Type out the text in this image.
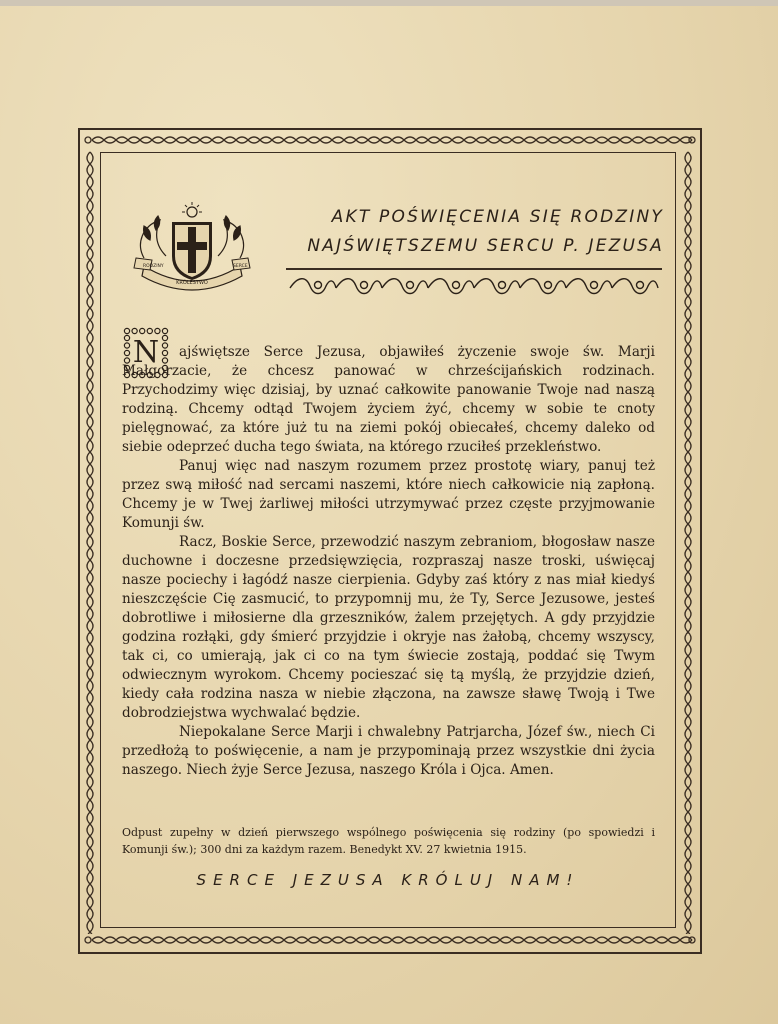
RODZINY	SERCE
KRÓLESTWO
AKT POŚWIĘCENIA SIĘ RODZINY
NAJŚWIĘTSZEMU SERCU P. JEZUSA
N	ajświętsze Serce Jezusa, objawiłeś życzenie swoje św. Marji Małgorzacie, że chcesz panować w chrześcijańskich rodzinach. Przychodzimy więc dzisiaj, by uznać całkowite panowanie Twoje nad naszą rodziną. Chcemy odtąd Twojem życiem żyć, chcemy w sobie te cnoty pielęgnować, za które już tu na ziemi pokój obiecałeś, chcemy daleko od siebie odeprzeć ducha tego świata, na którego rzuciłeś przekleństwo.

Panuj więc nad naszym rozumem przez prostotę wiary, panuj też przez swą miłość nad sercami naszemi, które niech całkowicie nią zapłoną. Chcemy je w Twej żarliwej miłości utrzymywać przez częste przyjmowanie Komunji św.

Racz, Boskie Serce, przewodzić naszym zebraniom, błogosław nasze duchowne i doczesne przedsięwzięcia, rozpraszaj nasze troski, uświęcaj nasze pociechy i łagódź nasze cierpienia. Gdyby zaś który z nas miał kiedyś nieszczęście Cię zasmucić, to przypomnij mu, że Ty, Serce Jezusowe, jesteś dobrotliwe i miłosierne dla grzeszników, żalem przejętych. A gdy przyjdzie godzina rozłąki, gdy śmierć przyjdzie i okryje nas żałobą, chcemy wszyscy, tak ci, co umierają, jak ci co na tym świecie zostają, poddać się Twym odwiecznym wyrokom. Chcemy pocieszać się tą myślą, że przyjdzie dzień, kiedy cała rodzina nasza w niebie złączona, na zawsze sławę Twoją i Twe dobrodziejstwa wychwalać będzie.

Niepokalane Serce Marji i chwalebny Patrjarcha, Józef św., niech Ci przedłożą to poświęcenie, a nam je przypominają przez wszystkie dni życia naszego. Niech żyje Serce Jezusa, naszego Króla i Ojca. Amen.

Odpust zupełny w dzień pierwszego wspólnego poświęcenia się rodziny (po spowiedzi i Komunji św.); 300 dni za każdym razem. Benedykt XV. 27 kwietnia 1915.
SERCE JEZUSA KRÓLUJ NAM!
